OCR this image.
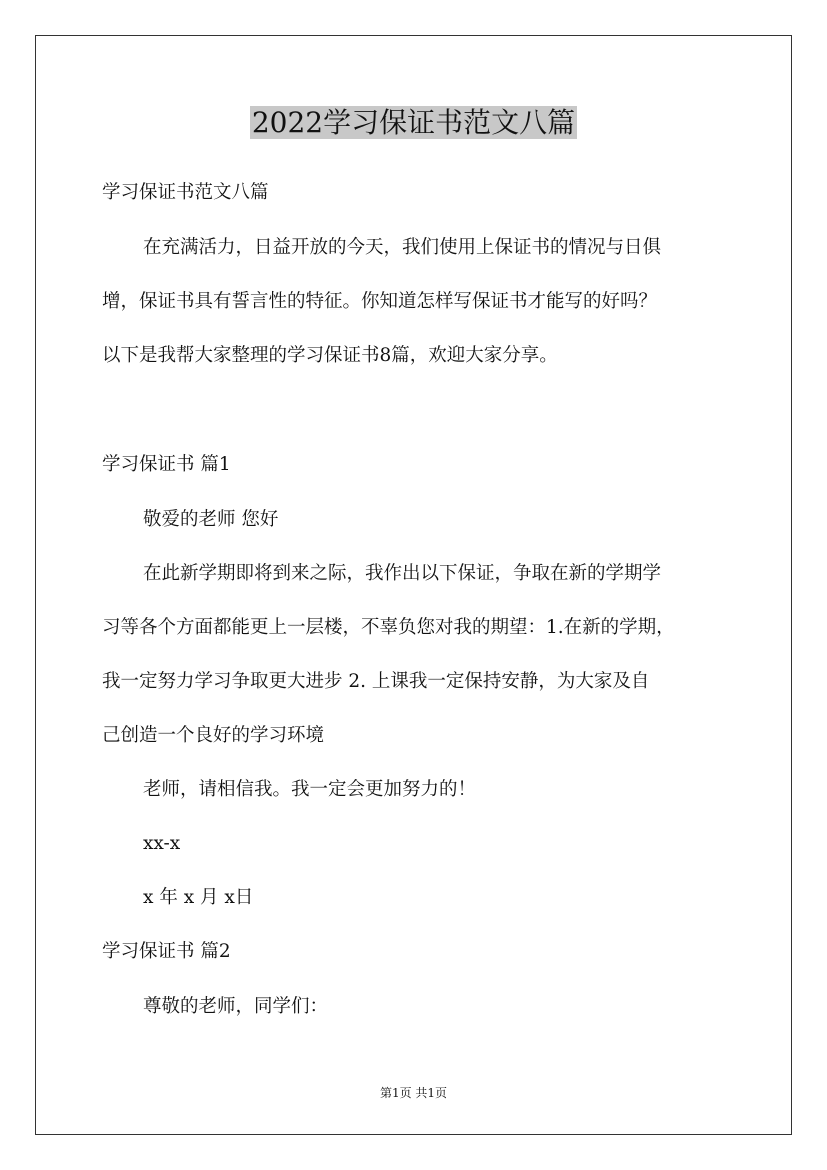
2022学习保证书范文八篇

学习保证书范文八篇

在充满活力，日益开放的今天，我们使用上保证书的情况与日俱

增，保证书具有誓言性的特征。你知道怎样写保证书才能写的好吗？

以下是我帮大家整理的学习保证书8篇，欢迎大家分享。

学习保证书 篇1

敬爱的老师 您好

在此新学期即将到来之际，我作出以下保证，争取在新的学期学

习等各个方面都能更上一层楼，不辜负您对我的期望：1.在新的学期，

我一定努力学习争取更大进步 2. 上课我一定保持安静，为大家及自

己创造一个良好的学习环境

老师，请相信我。我一定会更加努力的！

xx-x

x 年 x 月 x日

学习保证书 篇2

尊敬的老师，同学们：

第1页 共1页
